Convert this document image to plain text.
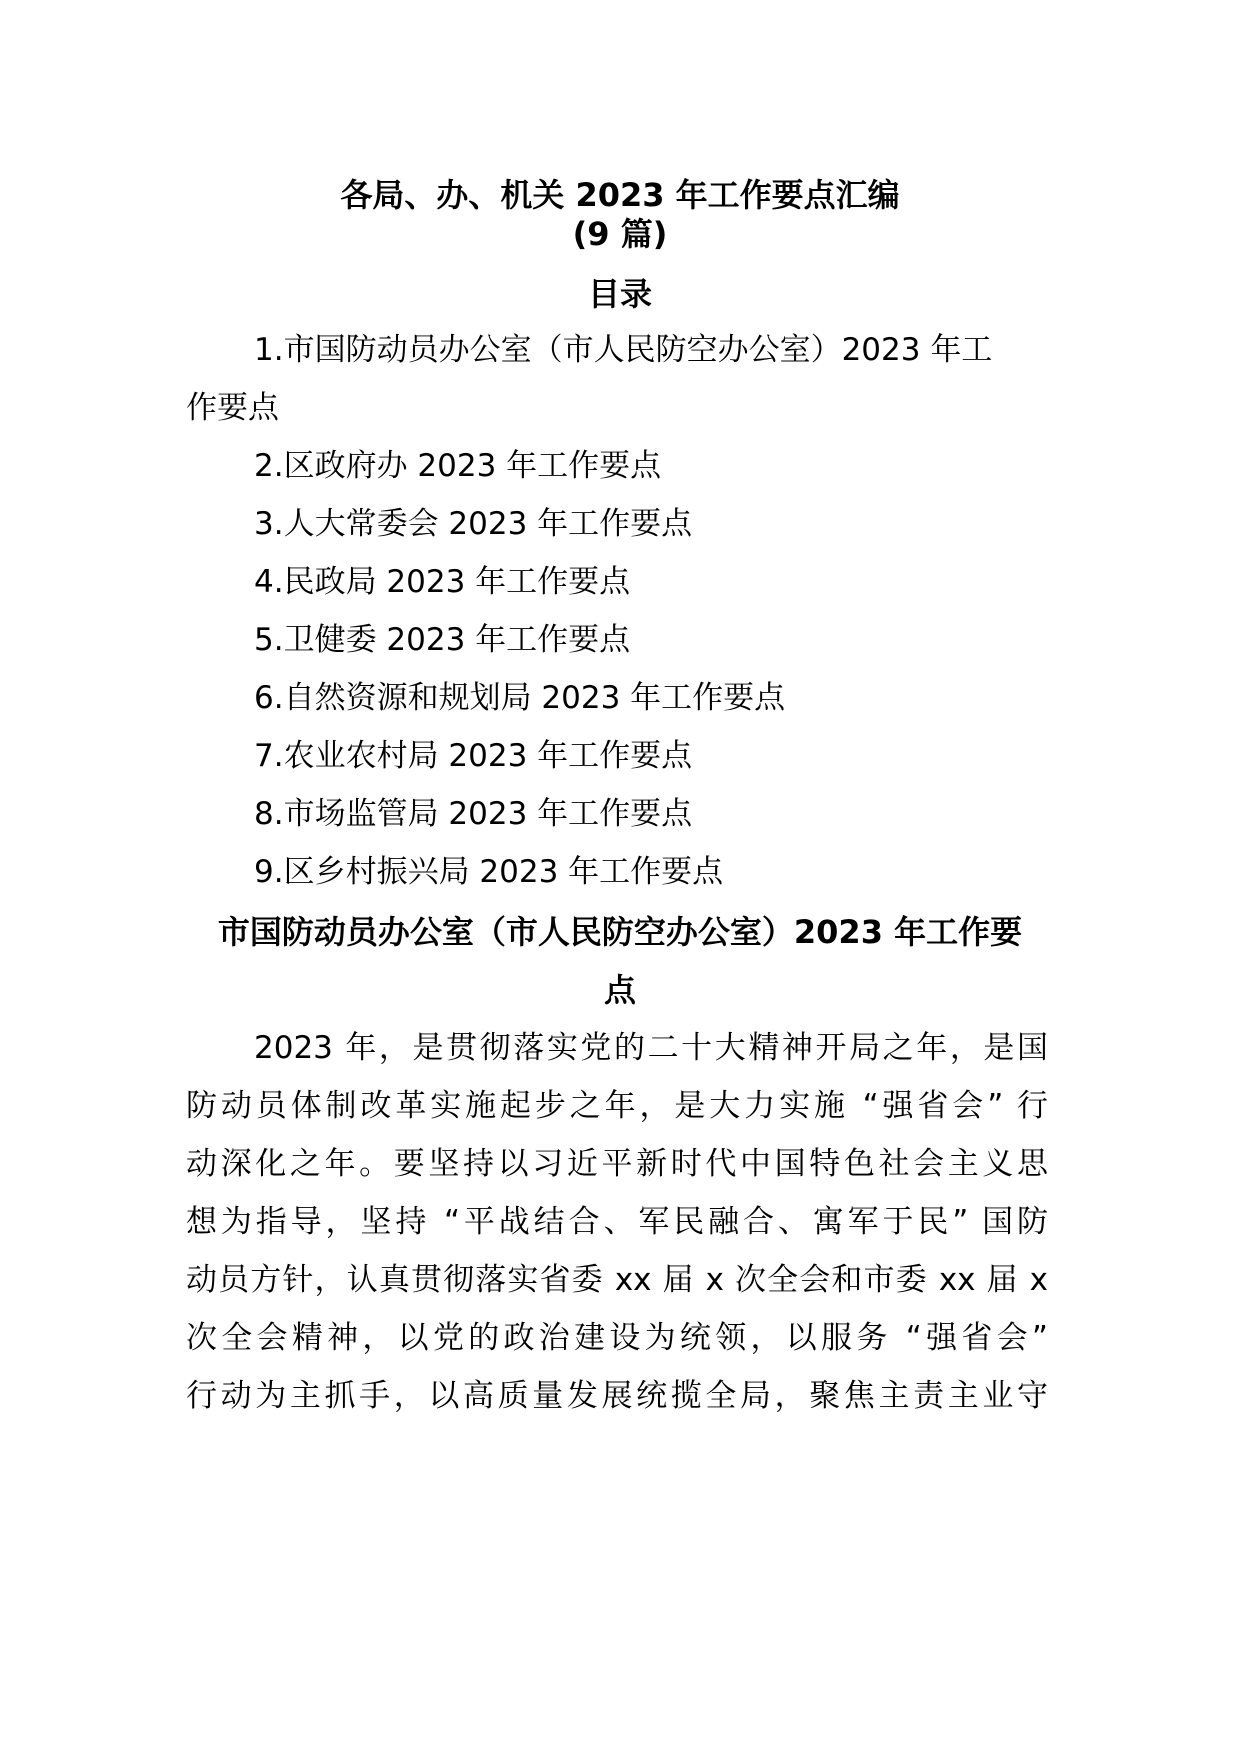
各局、办、机关 2023 年工作要点汇编
(9 篇)
目录
1.市国防动员办公室（市人民防空办公室）2023 年工
作要点
2.区政府办 2023 年工作要点
3.人大常委会 2023 年工作要点
4.民政局 2023 年工作要点
5.卫健委 2023 年工作要点
6.自然资源和规划局 2023 年工作要点
7.农业农村局 2023 年工作要点
8.市场监管局 2023 年工作要点
9.区乡村振兴局 2023 年工作要点
市国防动员办公室（市人民防空办公室）2023 年工作要
点
2023 年，是贯彻落实党的二十大精神开局之年，是国
防动员体制改革实施起步之年，是大力实施 “强省会” 行
动深化之年。要坚持以习近平新时代中国特色社会主义思
想为指导，坚持 “平战结合、军民融合、寓军于民” 国防
动员方针，认真贯彻落实省委 xx 届 x 次全会和市委 xx 届 x
次全会精神，以党的政治建设为统领，以服务 “强省会”
行动为主抓手，以高质量发展统揽全局，聚焦主责主业守
